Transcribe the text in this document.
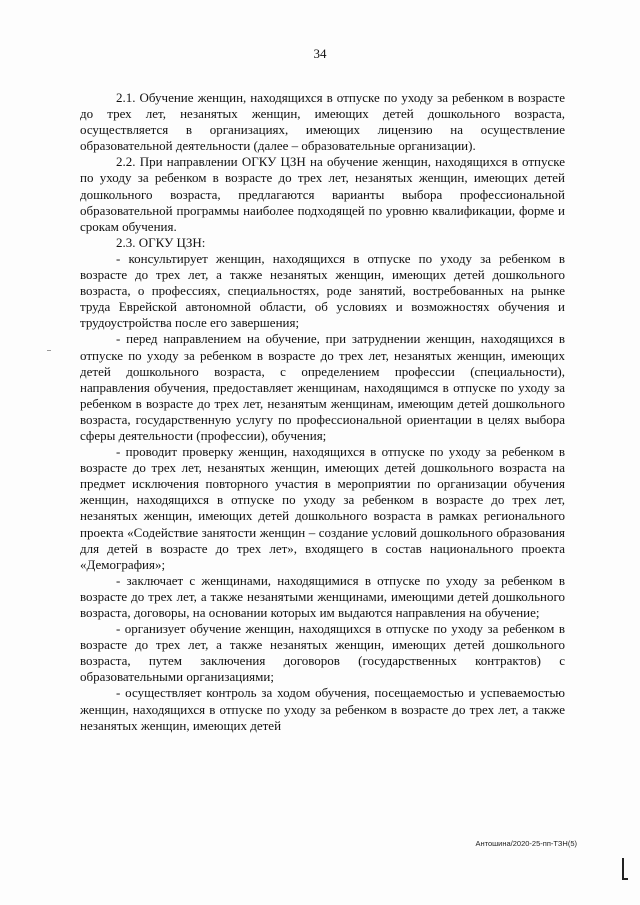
34

2.1. Обучение женщин, находящихся в отпуске по уходу за ребенком в возрасте до трех лет, незанятых женщин, имеющих детей дошкольного возраста, осуществляется в организациях, имеющих лицензию на осуществление образовательной деятельности (далее – образовательные организации).

2.2. При направлении ОГКУ ЦЗН на обучение женщин, находящихся в отпуске по уходу за ребенком в возрасте до трех лет, незанятых женщин, имеющих детей дошкольного возраста, предлагаются варианты выбора профессиональной образовательной программы наиболее подходящей по уровню квалификации, форме и срокам обучения.

2.3. ОГКУ ЦЗН:

- консультирует женщин, находящихся в отпуске по уходу за ребенком в возрасте до трех лет, а также незанятых женщин, имеющих детей дошкольного возраста, о профессиях, специальностях, роде занятий, востребованных на рынке труда Еврейской автономной области, об условиях и возможностях обучения и трудоустройства после его завершения;

- перед направлением на обучение, при затруднении женщин, находящихся в отпуске по уходу за ребенком в возрасте до трех лет, незанятых женщин, имеющих детей дошкольного возраста, с определением профессии (специальности), направления обучения, предоставляет женщинам, находящимся в отпуске по уходу за ребенком в возрасте до трех лет, незанятым женщинам, имеющим детей дошкольного возраста, государственную услугу по профессиональной ориентации в целях выбора сферы деятельности (профессии), обучения;

- проводит проверку женщин, находящихся в отпуске по уходу за ребенком в возрасте до трех лет, незанятых женщин, имеющих детей дошкольного возраста на предмет исключения повторного участия в мероприятии по организации обучения женщин, находящихся в отпуске по уходу за ребенком в возрасте до трех лет, незанятых женщин, имеющих детей дошкольного возраста в рамках регионального проекта «Содействие занятости женщин – создание условий дошкольного образования для детей в возрасте до трех лет», входящего в состав национального проекта «Демография»;

- заключает с женщинами, находящимися в отпуске по уходу за ребенком в возрасте до трех лет, а также незанятыми женщинами, имеющими детей дошкольного возраста, договоры, на основании которых им выдаются направления на обучение;

- организует обучение женщин, находящихся в отпуске по уходу за ребенком в возрасте до трех лет, а также незанятых женщин, имеющих детей дошкольного возраста, путем заключения договоров (государственных контрактов) с образовательными организациями;

- осуществляет контроль за ходом обучения, посещаемостью и успеваемостью женщин, находящихся в отпуске по уходу за ребенком в возрасте до трех лет, а также незанятых женщин, имеющих детей

Антошина/2020-25-пп-ТЗН(5)
